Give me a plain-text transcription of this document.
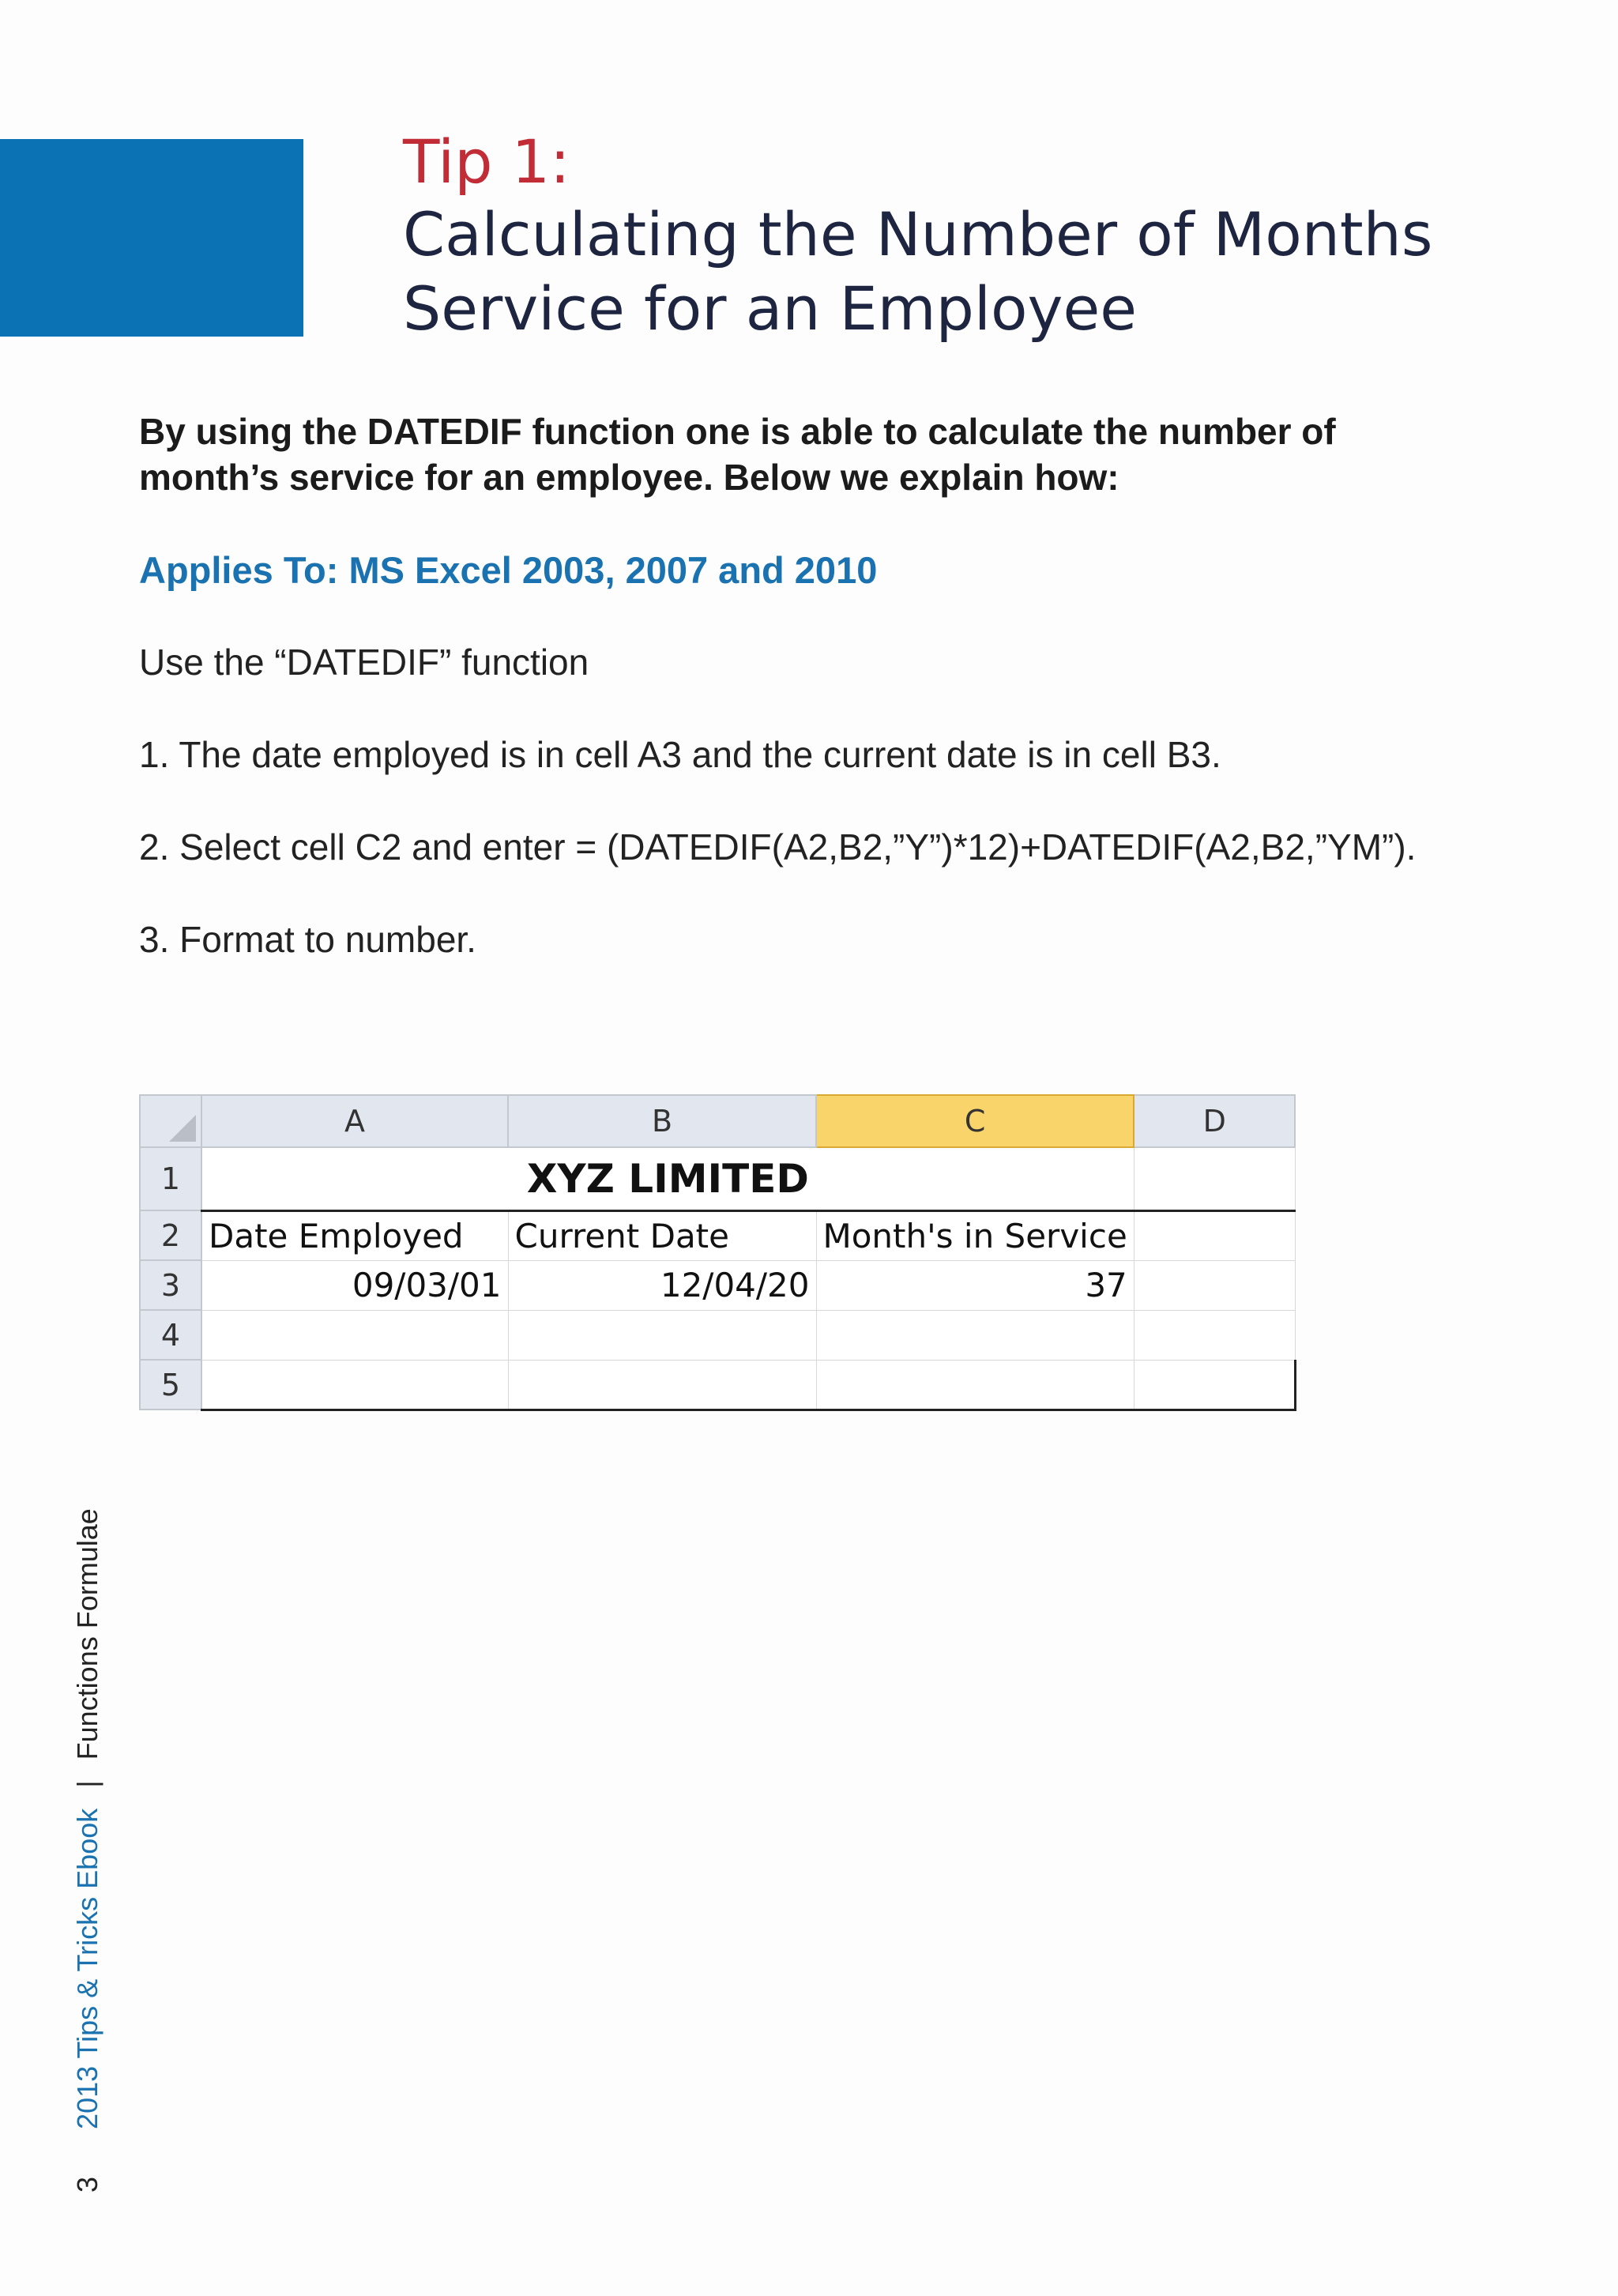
Tip 1:
Calculating the Number of Months
Service for an Employee
By using the DATEDIF function one is able to calculate the number of month’s service for an employee. Below we explain how:
Applies To: MS Excel 2003, 2007 and 2010
Use the “DATEDIF” function
1. The date employed is in cell A3 and the current date is in cell B3.
2. Select cell C2 and enter = (DATEDIF(A2,B2,”Y”)*12)+DATEDIF(A2,B2,”YM”).
3. Format to number.
	A	B	C	D
1	XYZ LIMITED			
2	Date Employed	Current Date	Month's in Service	
3	09/03/01	12/04/20	37	
4				
5				
3 2013 Tips & Tricks Ebook | Functions Formulae
